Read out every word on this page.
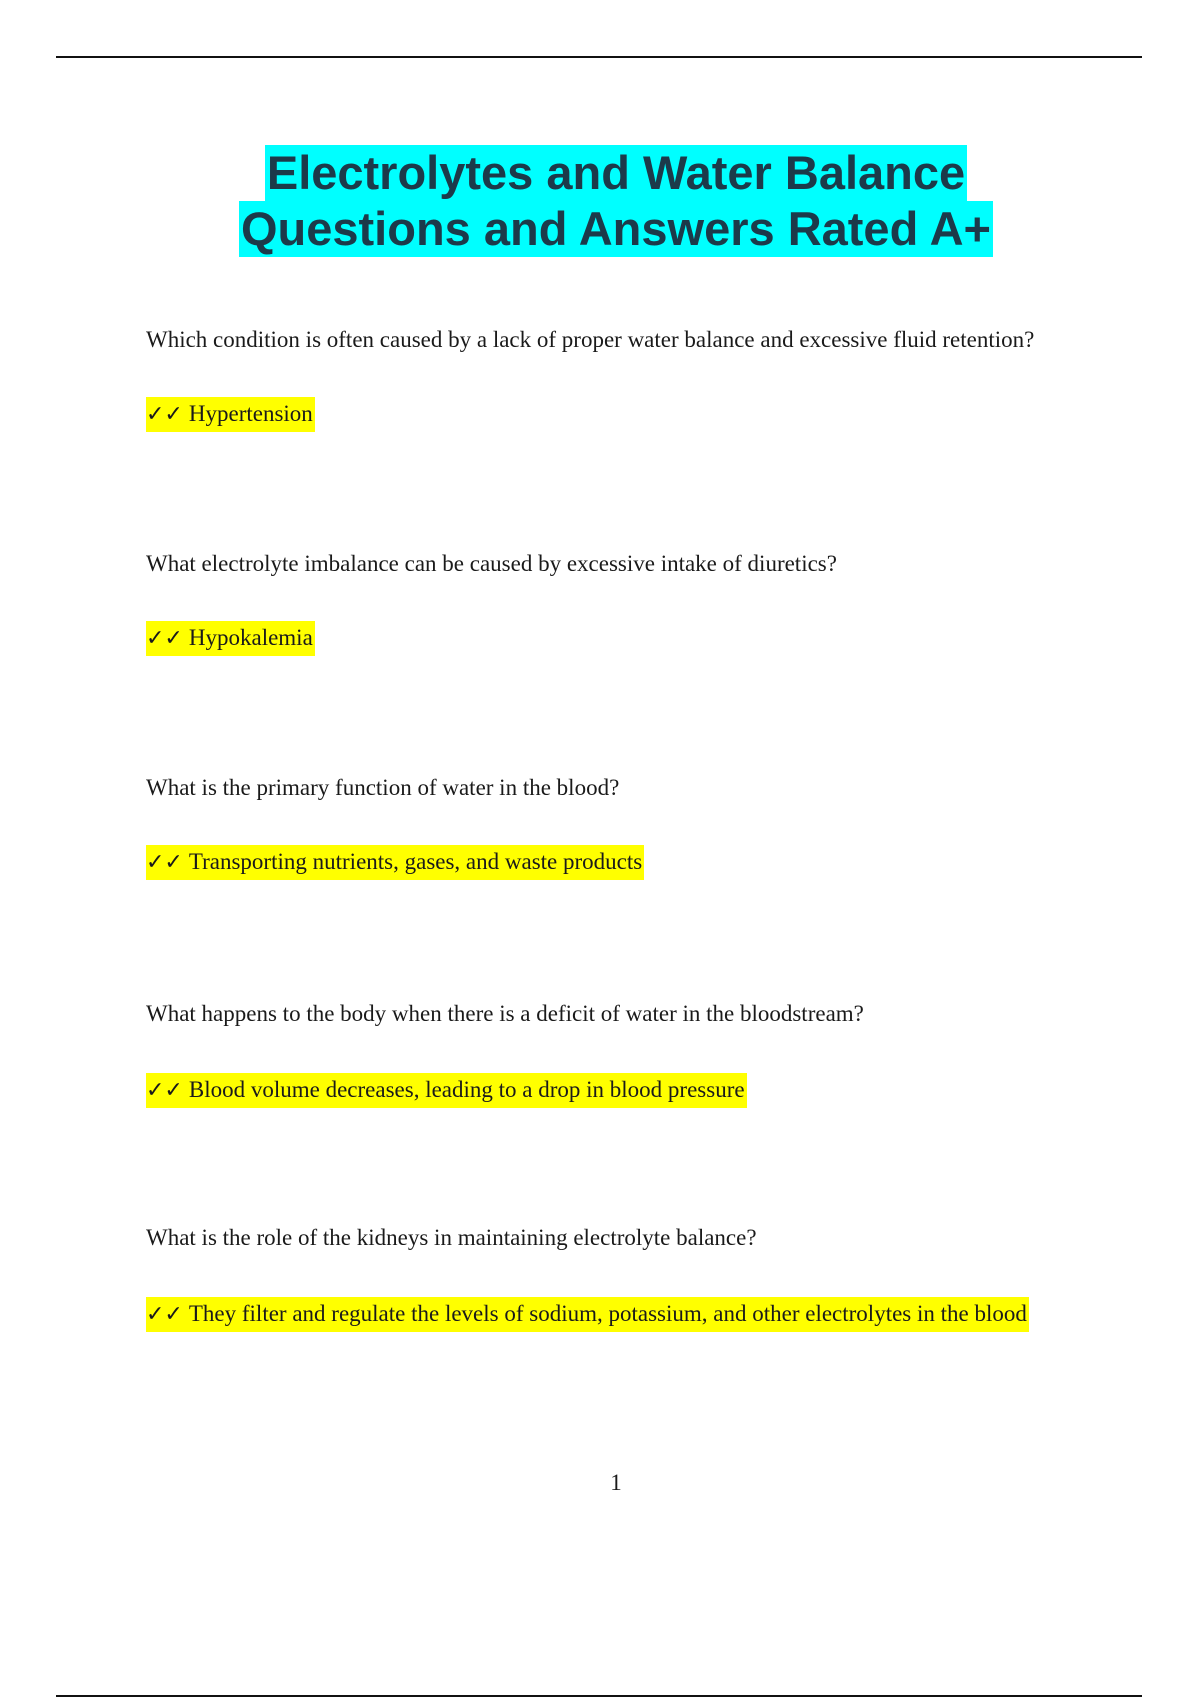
Electrolytes and Water Balance
Questions and Answers Rated A+
Which condition is often caused by a lack of proper water balance and excessive fluid retention?
✓✓ Hypertension
What electrolyte imbalance can be caused by excessive intake of diuretics?
✓✓ Hypokalemia
What is the primary function of water in the blood?
✓✓ Transporting nutrients, gases, and waste products
What happens to the body when there is a deficit of water in the bloodstream?
✓✓ Blood volume decreases, leading to a drop in blood pressure
What is the role of the kidneys in maintaining electrolyte balance?
✓✓ They filter and regulate the levels of sodium, potassium, and other electrolytes in the blood
1
